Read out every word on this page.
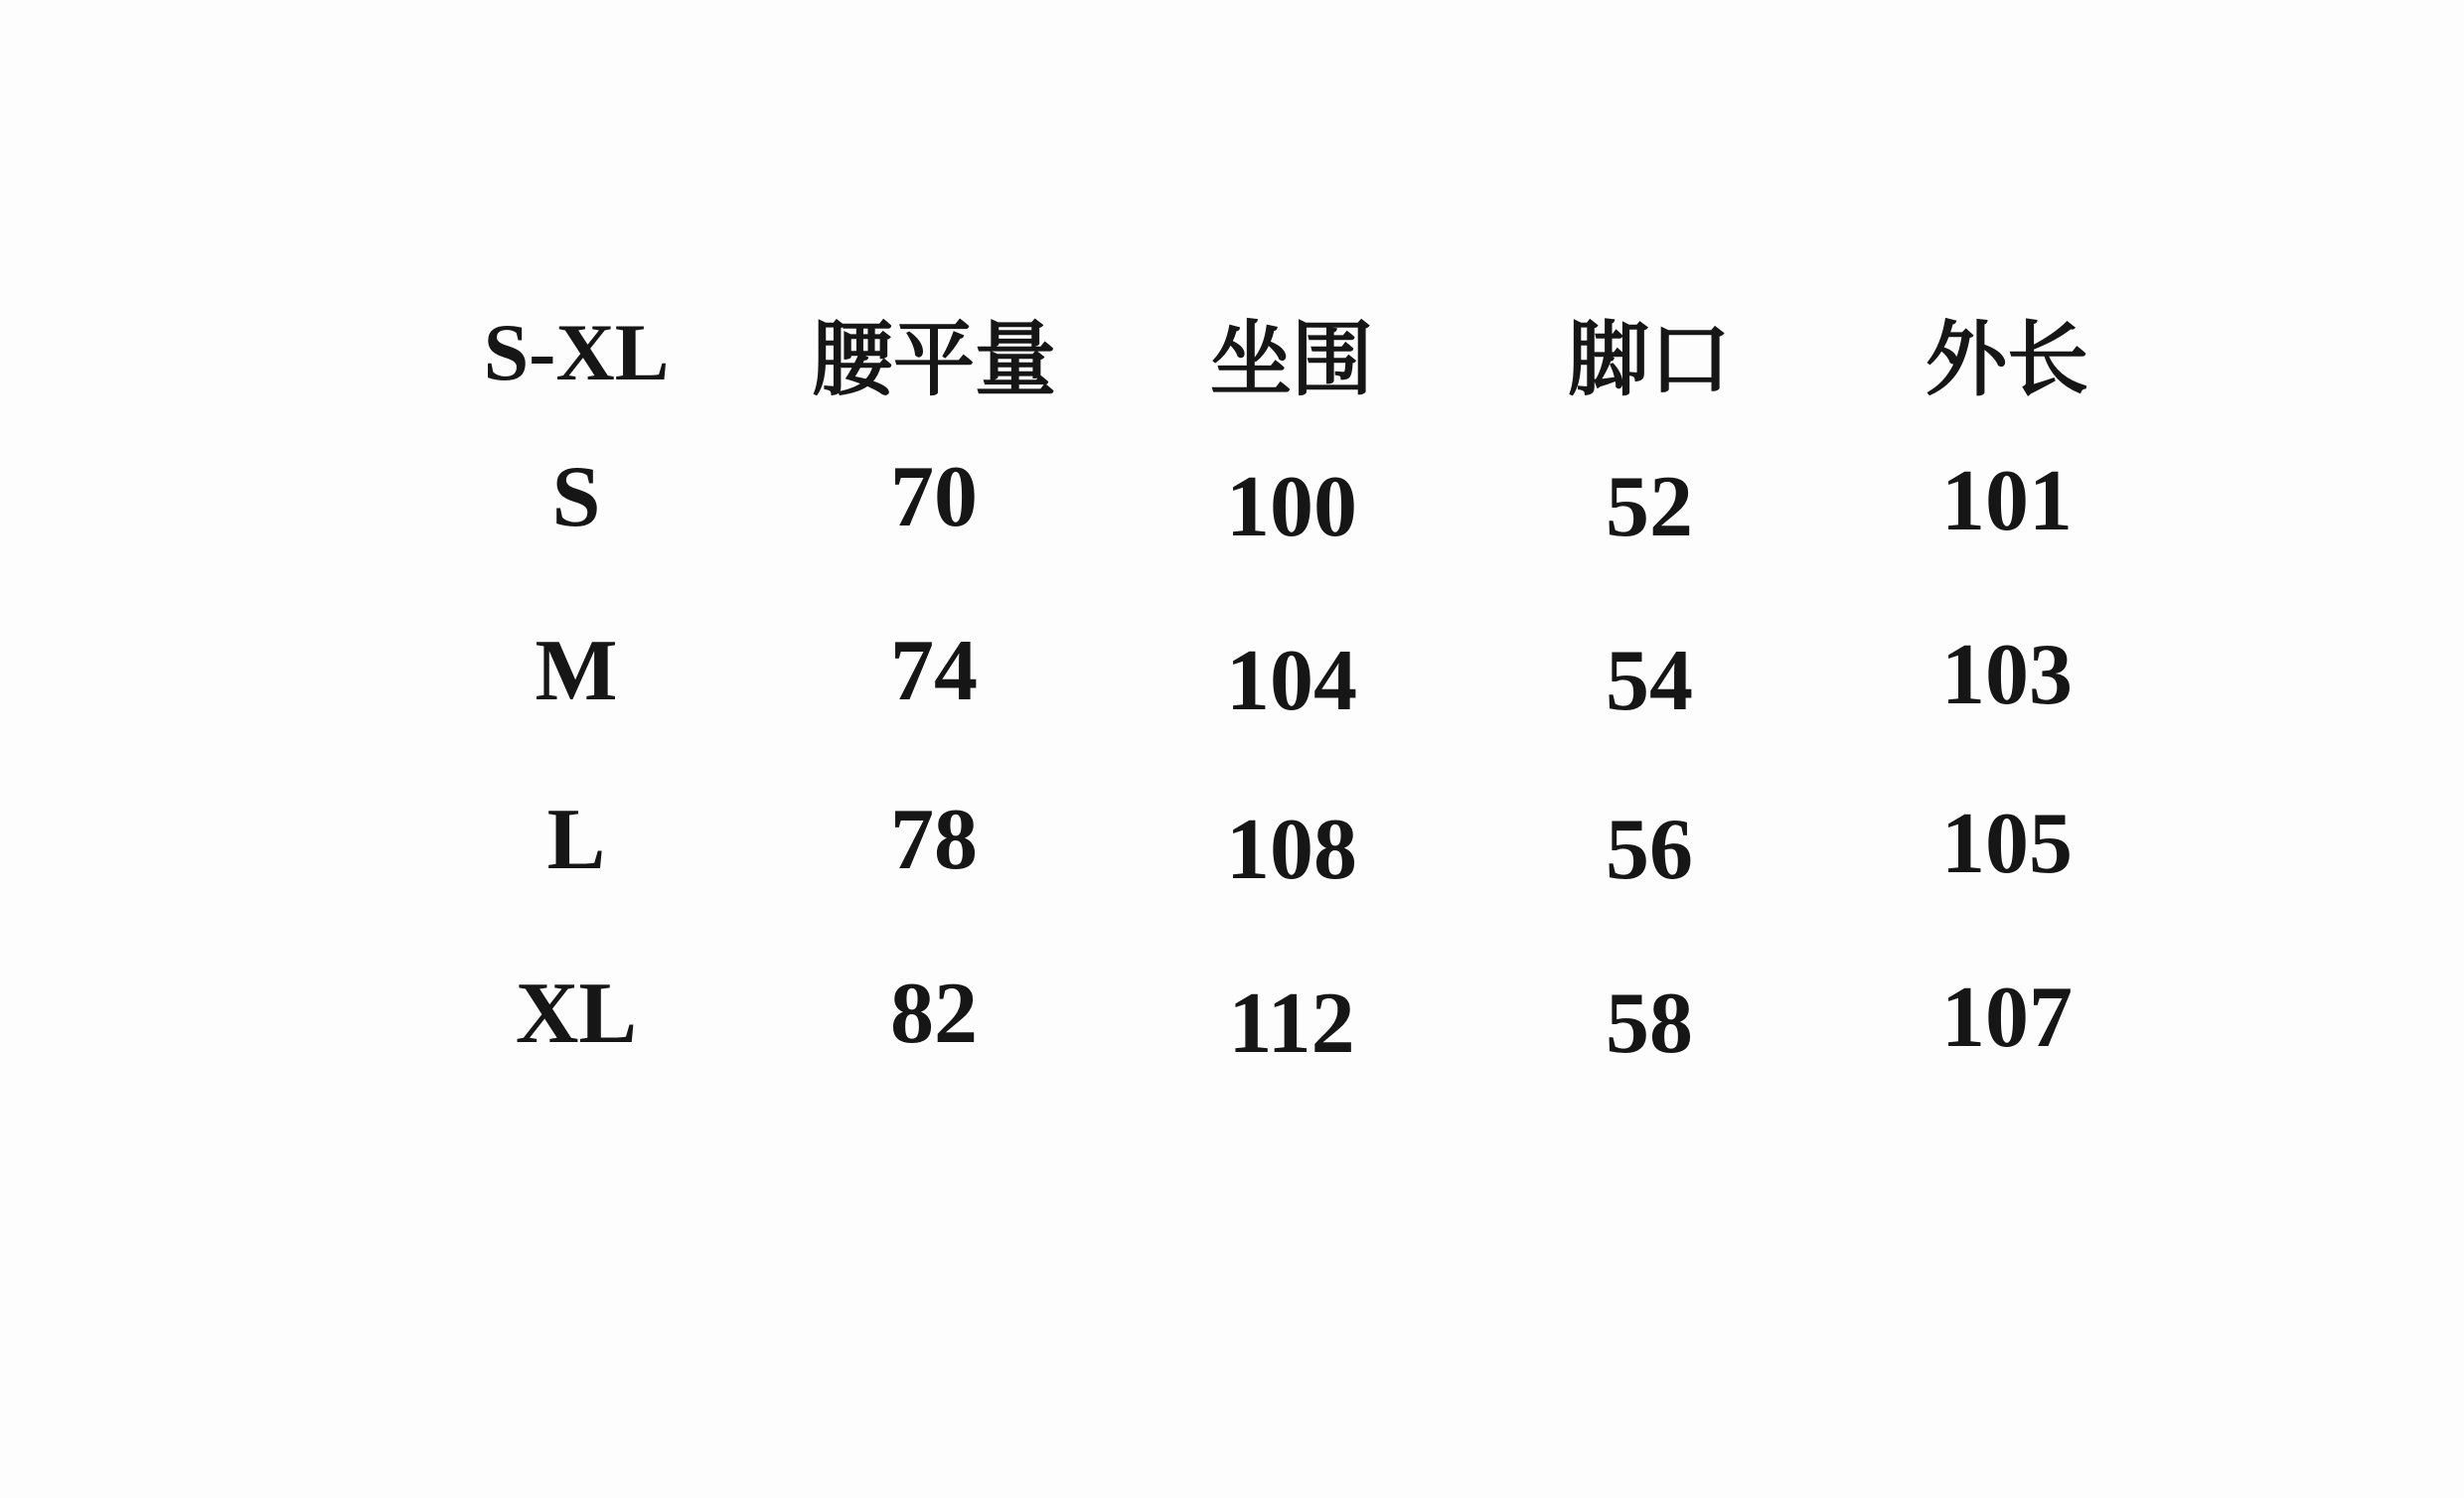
S-XL	腰平量	坐围	脚口	外长
S	70	100	52	101
M	74	104	54	103
L	78	108	56	105
XL	82	112	58	107
